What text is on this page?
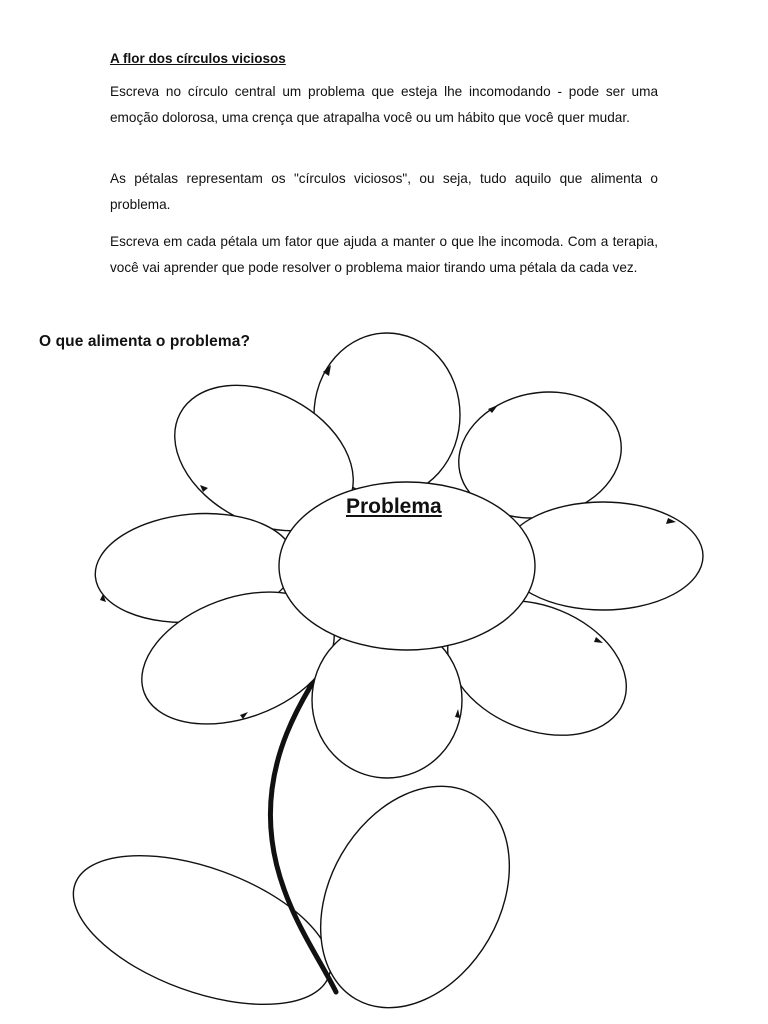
A flor dos círculos viciosos

Escreva no círculo central um problema que esteja lhe incomodando - pode ser uma emoção dolorosa, uma crença que atrapalha você ou um hábito que você quer mudar.

As pétalas representam os "círculos viciosos", ou seja, tudo aquilo que alimenta o problema.

Escreva em cada pétala um fator que ajuda a manter o que lhe incomoda. Com a terapia, você vai aprender que pode resolver o problema maior tirando uma pétala da cada vez.

O que alimenta o problema?
Problema
